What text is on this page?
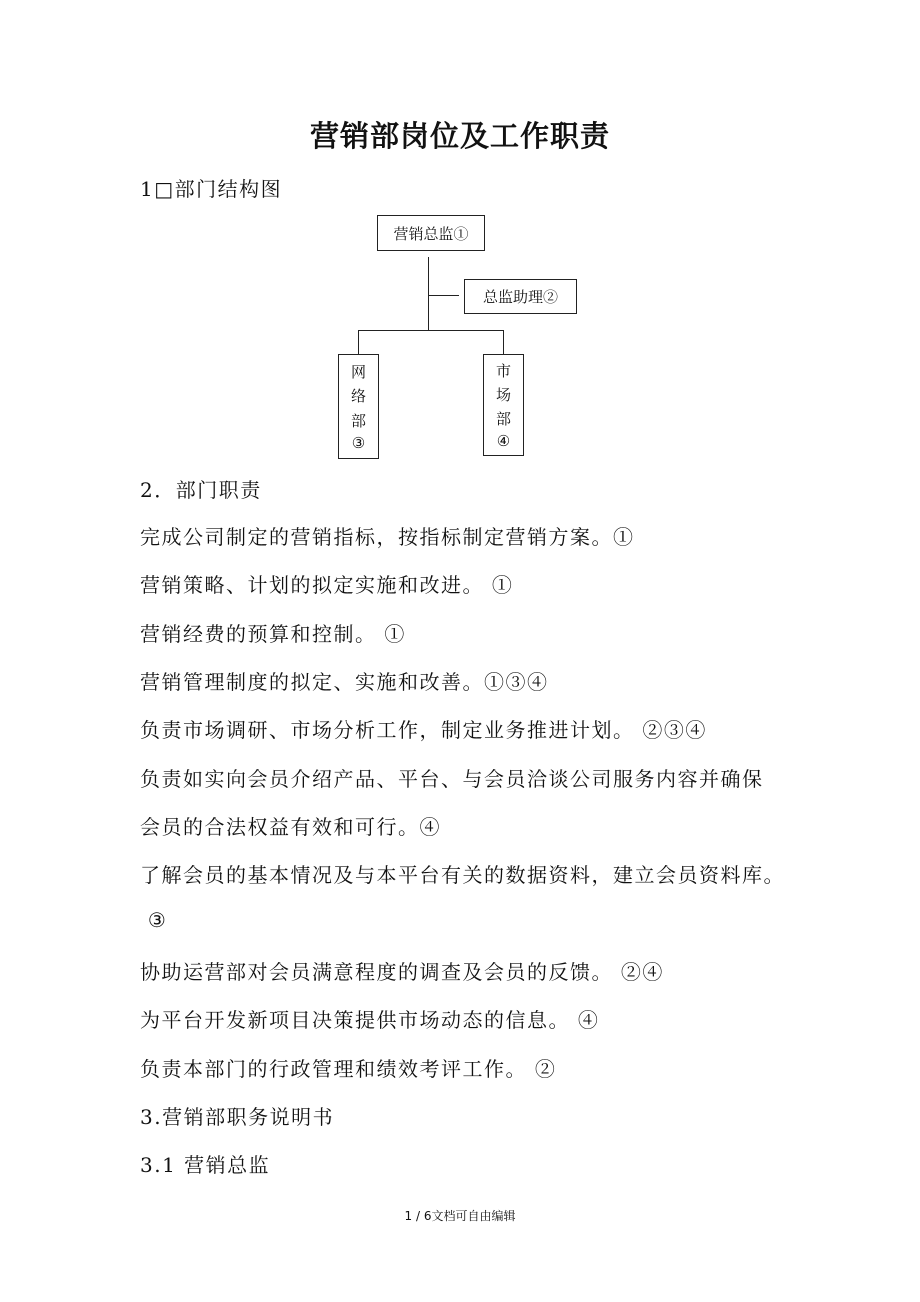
营销部岗位及工作职责
1□部门结构图
营销总监①
总监助理②
网
络
部
③
市
场
部
④
2．部门职责
完成公司制定的营销指标，按指标制定营销方案。①
营销策略、计划的拟定实施和改进。 ①
营销经费的预算和控制。 ①
营销管理制度的拟定、实施和改善。①③④
负责市场调研、市场分析工作，制定业务推进计划。 ②③④
负责如实向会员介绍产品、平台、与会员洽谈公司服务内容并确保
会员的合法权益有效和可行。④
了解会员的基本情况及与本平台有关的数据资料，建立会员资料库。
③
协助运营部对会员满意程度的调查及会员的反馈。 ②④
为平台开发新项目决策提供市场动态的信息。 ④
负责本部门的行政管理和绩效考评工作。 ②
3.营销部职务说明书
3.1 营销总监
1 / 6文档可自由编辑
